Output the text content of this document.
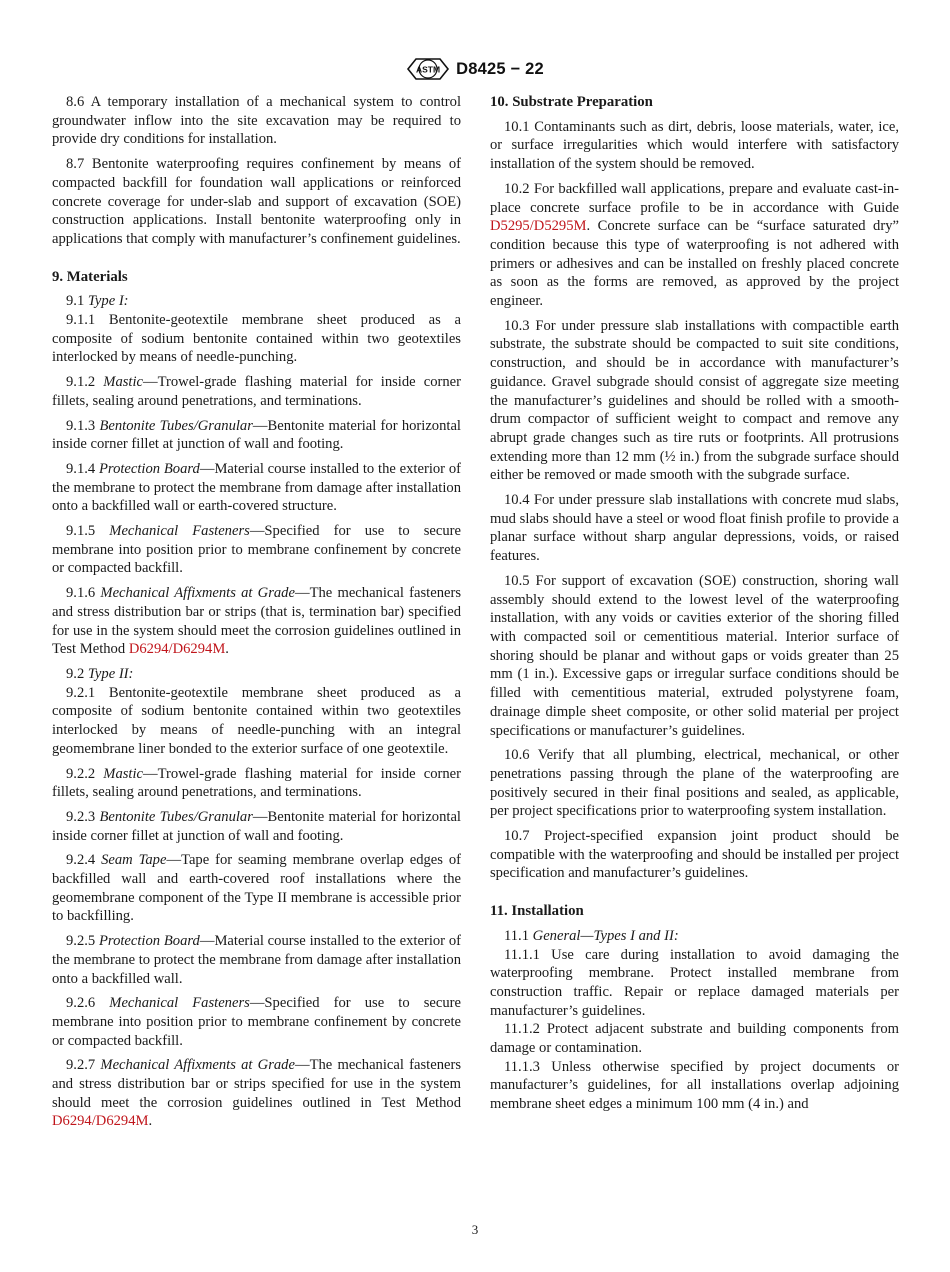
ASTM D8425 − 22

8.6 A temporary installation of a mechanical system to control groundwater inflow into the site excavation may be required to provide dry conditions for installation.

8.7 Bentonite waterproofing requires confinement by means of compacted backfill for foundation wall applications or reinforced concrete coverage for under-slab and support of excavation (SOE) construction applications. Install bentonite waterproofing only in applications that comply with manufacturer’s confinement guidelines.

9. Materials

9.1 Type I:

9.1.1 Bentonite-geotextile membrane sheet produced as a composite of sodium bentonite contained within two geotextiles interlocked by means of needle-punching.

9.1.2 Mastic—Trowel-grade flashing material for inside corner fillets, sealing around penetrations, and terminations.

9.1.3 Bentonite Tubes/Granular—Bentonite material for horizontal inside corner fillet at junction of wall and footing.

9.1.4 Protection Board—Material course installed to the exterior of the membrane to protect the membrane from damage after installation onto a backfilled wall or earth-covered structure.

9.1.5 Mechanical Fasteners—Specified for use to secure membrane into position prior to membrane confinement by concrete or compacted backfill.

9.1.6 Mechanical Affixments at Grade—The mechanical fasteners and stress distribution bar or strips (that is, termination bar) specified for use in the system should meet the corrosion guidelines outlined in Test Method D6294/D6294M.

9.2 Type II:

9.2.1 Bentonite-geotextile membrane sheet produced as a composite of sodium bentonite contained within two geotextiles interlocked by means of needle-punching with an integral geomembrane liner bonded to the exterior surface of one geotextile.

9.2.2 Mastic—Trowel-grade flashing material for inside corner fillets, sealing around penetrations, and terminations.

9.2.3 Bentonite Tubes/Granular—Bentonite material for horizontal inside corner fillet at junction of wall and footing.

9.2.4 Seam Tape—Tape for seaming membrane overlap edges of backfilled wall and earth-covered roof installations where the geomembrane component of the Type II membrane is accessible prior to backfilling.

9.2.5 Protection Board—Material course installed to the exterior of the membrane to protect the membrane from damage after installation onto a backfilled wall.

9.2.6 Mechanical Fasteners—Specified for use to secure membrane into position prior to membrane confinement by concrete or compacted backfill.

9.2.7 Mechanical Affixments at Grade—The mechanical fasteners and stress distribution bar or strips specified for use in the system should meet the corrosion guidelines outlined in Test Method D6294/D6294M.

10. Substrate Preparation

10.1 Contaminants such as dirt, debris, loose materials, water, ice, or surface irregularities which would interfere with satisfactory installation of the system should be removed.

10.2 For backfilled wall applications, prepare and evaluate cast-in-place concrete surface profile to be in accordance with Guide D5295/D5295M. Concrete surface can be “surface saturated dry” condition because this type of waterproofing is not adhered with primers or adhesives and can be installed on freshly placed concrete as soon as the forms are removed, as approved by the project engineer.

10.3 For under pressure slab installations with compactible earth substrate, the substrate should be compacted to suit site conditions, construction, and should be in accordance with manufacturer’s guidance. Gravel subgrade should consist of aggregate size meeting the manufacturer’s guidelines and should be rolled with a smooth-drum compactor of sufficient weight to compact and remove any abrupt grade changes such as tire ruts or footprints. All protrusions extending more than 12 mm (½ in.) from the subgrade surface should either be removed or made smooth with the subgrade surface.

10.4 For under pressure slab installations with concrete mud slabs, mud slabs should have a steel or wood float finish profile to provide a planar surface without sharp angular depressions, voids, or raised features.

10.5 For support of excavation (SOE) construction, shoring wall assembly should extend to the lowest level of the waterproofing installation, with any voids or cavities exterior of the shoring filled with compacted soil or cementitious material. Interior surface of shoring should be planar and without gaps or voids greater than 25 mm (1 in.). Excessive gaps or irregular surface conditions should be filled with cementitious material, extruded polystyrene foam, drainage dimple sheet composite, or other solid material per project specifications or manufacturer’s guidelines.

10.6 Verify that all plumbing, electrical, mechanical, or other penetrations passing through the plane of the waterproofing are positively secured in their final positions and sealed, as applicable, per project specifications prior to waterproofing system installation.

10.7 Project-specified expansion joint product should be compatible with the waterproofing and should be installed per project specification and manufacturer’s guidelines.

11. Installation

11.1 General—Types I and II:

11.1.1 Use care during installation to avoid damaging the waterproofing membrane. Protect installed membrane from construction traffic. Repair or replace damaged materials per manufacturer’s guidelines.

11.1.2 Protect adjacent substrate and building components from damage or contamination.

11.1.3 Unless otherwise specified by project documents or manufacturer’s guidelines, for all installations overlap adjoining membrane sheet edges a minimum 100 mm (4 in.) and

3
